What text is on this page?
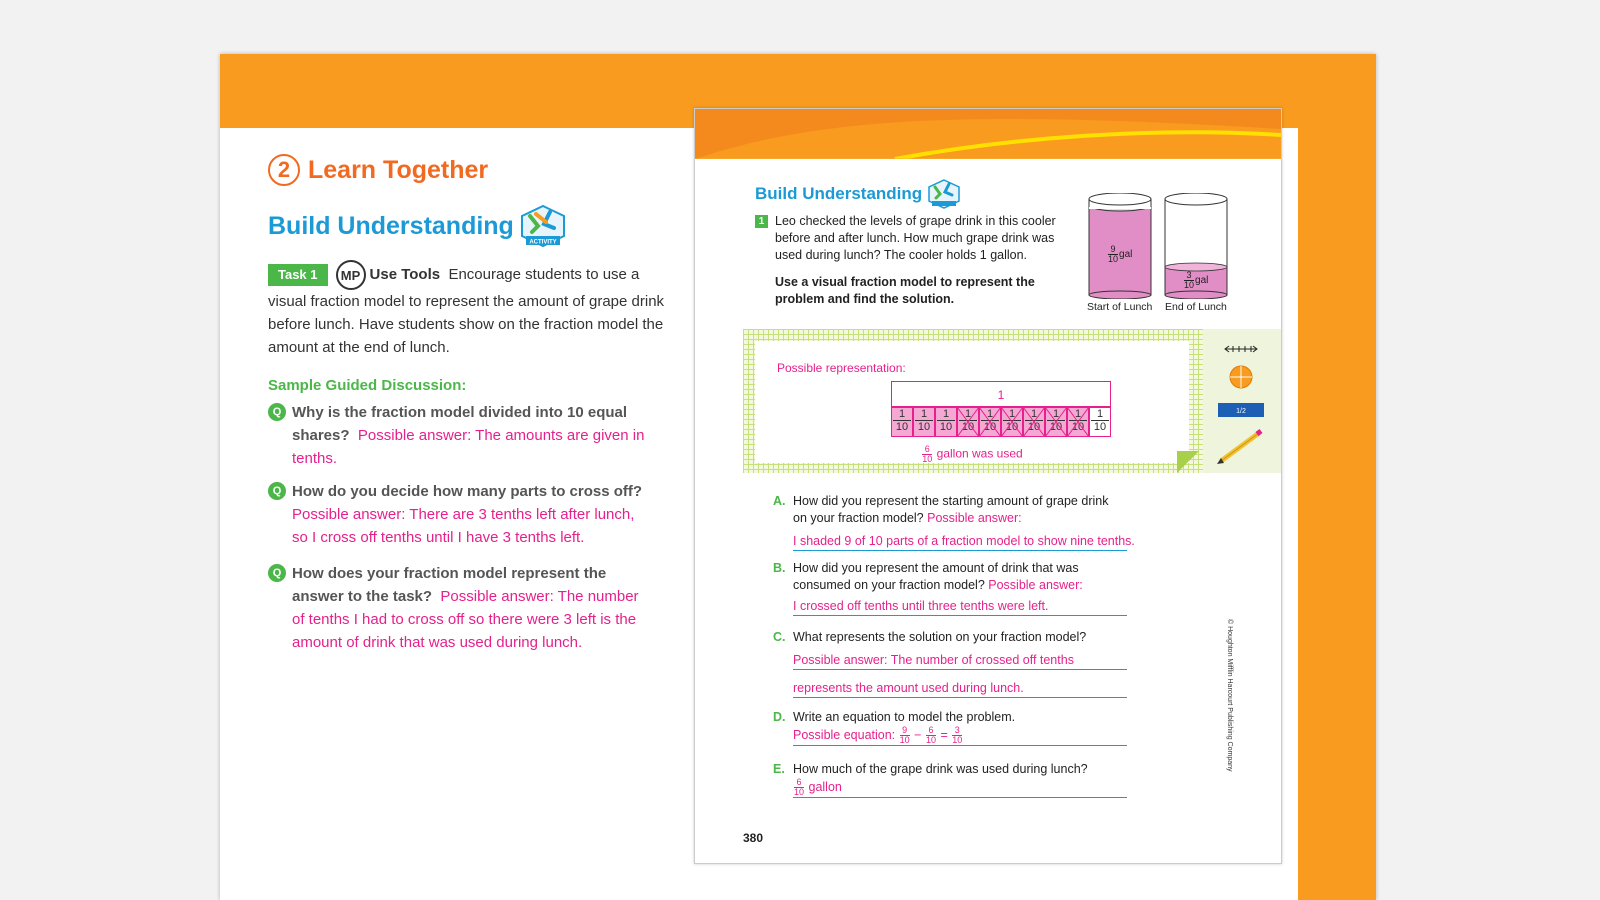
2 Learn Together
Build Understanding
ACTIVITY
Task 1 MP Use Tools Encourage students to use a visual fraction model to represent the amount of grape drink before lunch. Have students show on the fraction model the amount at the end of lunch.
Sample Guided Discussion:
Q Why is the fraction model divided into 10 equal shares? Possible answer: The amounts are given in tenths.
Q How do you decide how many parts to cross off? Possible answer: There are 3 tenths left after lunch, so I cross off tenths until I have 3 tenths left.
Q How does your fraction model represent the answer to the task? Possible answer: The number of tenths I had to cross off so there were 3 left is the amount of drink that was used during lunch.
Build Understanding
1 Leo checked the levels of grape drink in this cooler before and after lunch. How much grape drink was used during lunch? The cooler holds 1 gallon.
Use a visual fraction model to represent the problem and find the solution.
$\frac{9}{10}$ gal
$\frac{3}{10}$ gal
Start of Lunch End of Lunch
Possible representation:
1
1
10
1
10
1
10
1
10
1
10
1
10
1
10
1
10
1
10
1
10
$\frac{6}{10}$ gallon was used
1/2
A. How did you represent the starting amount of grape drink on your fraction model? Possible answer:
I shaded 9 of 10 parts of a fraction model to show nine tenths.
B. How did you represent the amount of drink that was consumed on your fraction model? Possible answer:
I crossed off tenths until three tenths were left.
C. What represents the solution on your fraction model?
Possible answer: The number of crossed off tenths
represents the amount used during lunch.
D. Write an equation to model the problem.
Possible equation: $\frac{9}{10} - \frac{6}{10} = \frac{3}{10}$
E. How much of the grape drink was used during lunch?
$\frac{6}{10}$ gallon
380
© Houghton Mifflin Harcourt Publishing Company
